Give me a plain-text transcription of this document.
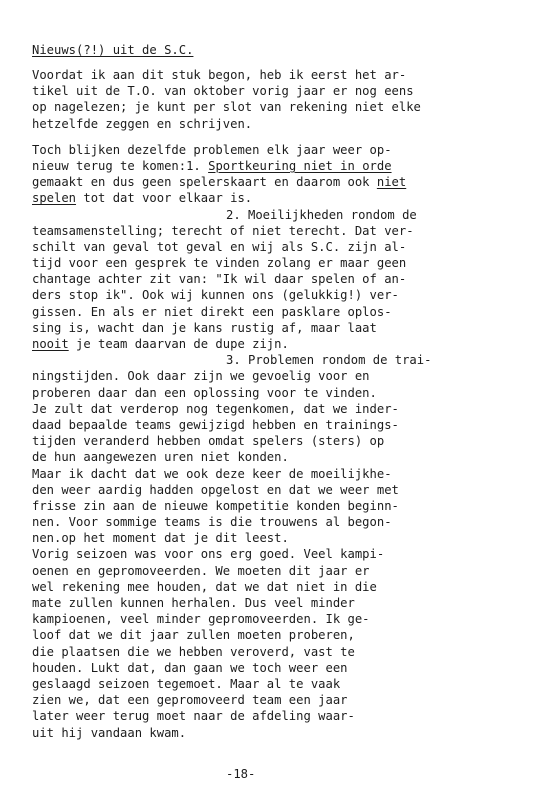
Nieuws(?!) uit de S.C.
Voordat ik aan dit stuk begon, heb ik eerst het ar-
tikel uit de T.O. van oktober vorig jaar er nog eens
op nagelezen; je kunt per slot van rekening niet elke
hetzelfde zeggen en schrijven.
Toch blijken dezelfde problemen elk jaar weer op-
nieuw terug te komen:1. Sportkeuring niet in orde
gemaakt en dus geen spelerskaart en daarom ook niet
spelen tot dat voor elkaar is.
2. Moeilijkheden rondom de
teamsamenstelling; terecht of niet terecht. Dat ver-
schilt van geval tot geval en wij als S.C. zijn al-
tijd voor een gesprek te vinden zolang er maar geen
chantage achter zit van: "Ik wil daar spelen of an-
ders stop ik". Ook wij kunnen ons (gelukkig!) ver-
gissen. En als er niet direkt een pasklare oplos-
sing is, wacht dan je kans rustig af, maar laat
nooit je team daarvan de dupe zijn.
3. Problemen rondom de trai-
ningstijden. Ook daar zijn we gevoelig voor en
proberen daar dan een oplossing voor te vinden.
Je zult dat verderop nog tegenkomen, dat we inder-
daad bepaalde teams gewijzigd hebben en trainings-
tijden veranderd hebben omdat spelers (sters) op
de hun aangewezen uren niet konden.
Maar ik dacht dat we ook deze keer de moeilijkhe-
den weer aardig hadden opgelost en dat we weer met
frisse zin aan de nieuwe kompetitie konden beginn-
nen. Voor sommige teams is die trouwens al begon-
nen.op het moment dat je dit leest.
Vorig seizoen was voor ons erg goed. Veel kampi-
oenen en gepromoveerden. We moeten dit jaar er
wel rekening mee houden, dat we dat niet in die
mate zullen kunnen herhalen. Dus veel minder
kampioenen, veel minder gepromoveerden. Ik ge-
loof dat we dit jaar zullen moeten proberen,
die plaatsen die we hebben veroverd, vast te
houden. Lukt dat, dan gaan we toch weer een
geslaagd seizoen tegemoet. Maar al te vaak
zien we, dat een gepromoveerd team een jaar
later weer terug moet naar de afdeling waar-
uit hij vandaan kwam.
-18-
